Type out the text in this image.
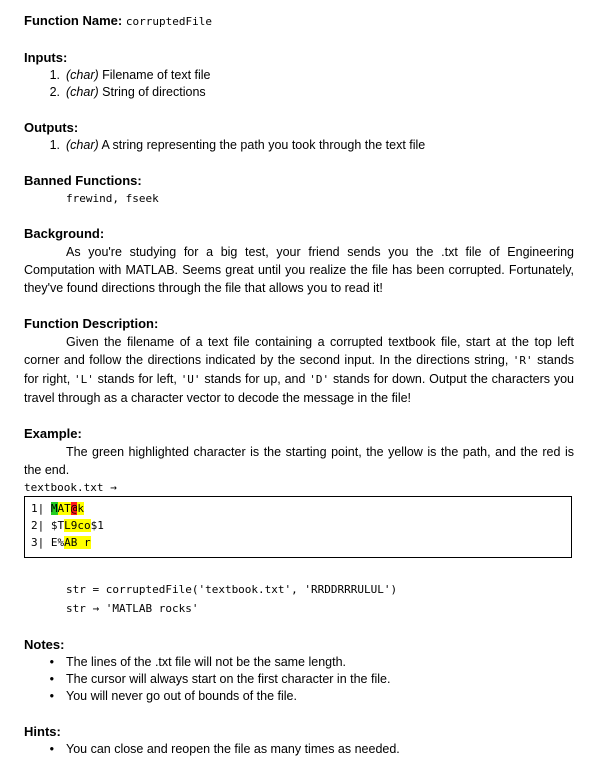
Function Name: corruptedFile
Inputs:
1. (char) Filename of text file
2. (char) String of directions
Outputs:
1. (char) A string representing the path you took through the text file
Banned Functions:
frewind, fseek
Background:
As you're studying for a big test, your friend sends you the .txt file of Engineering Computation with MATLAB. Seems great until you realize the file has been corrupted. Fortunately, they've found directions through the file that allows you to read it!
Function Description:
Given the filename of a text file containing a corrupted textbook file, start at the top left corner and follow the directions indicated by the second input. In the directions string, 'R' stands for right, 'L' stands for left, 'U' stands for up, and 'D' stands for down. Output the characters you travel through as a character vector to decode the message in the file!
Example:
The green highlighted character is the starting point, the yellow is the path, and the red is the end.
textbook.txt →
1| MAT@k
2| $TL9co$1
3| E%AB r
str = corruptedFile('textbook.txt', 'RRDDRRRULUL')
str → 'MATLAB rocks'
Notes:
• The lines of the .txt file will not be the same length.
• The cursor will always start on the first character in the file.
• You will never go out of bounds of the file.
Hints:
• You can close and reopen the file as many times as needed.
